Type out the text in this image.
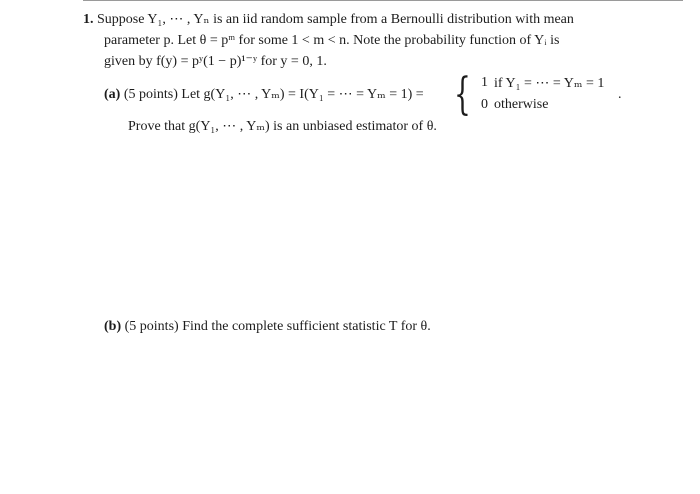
1. Suppose Y₁, ⋯ , Yₙ is an iid random sample from a Bernoulli distribution with mean
parameter p. Let θ = pᵐ for some 1 < m < n. Note the probability function of Yᵢ is
given by f(y) = pʸ(1 − p)¹⁻ʸ for y = 0, 1.
(a) (5 points) Let g(Y₁, ⋯ , Yₘ) = I(Y₁ = ⋯ = Yₘ = 1) = { 1 if Y₁ = ⋯ = Yₘ = 1
0 otherwise
.
Prove that g(Y₁, ⋯ , Yₘ) is an unbiased estimator of θ.
(b) (5 points) Find the complete sufficient statistic T for θ.
